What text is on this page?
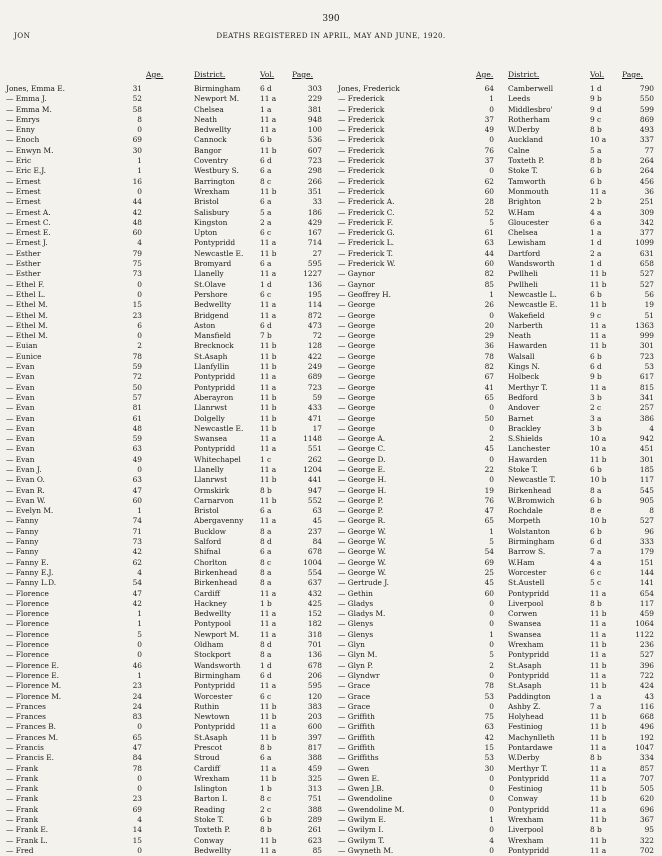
390
JON	DEATHS REGISTERED IN APRIL, MAY AND JUNE, 1920.
Age.	District.	Vol. Page.
Jones, Emma E.	31	Birmingham	6 d	303
— Emma J.	52	Newport M.	11 a	229
— Emma M.	58	Chelsea	1 a	381
— Emrys	8	Neath	11 a	948
— Enny	0	Bedwellty	11 a	100
— Enoch	69	Cannock	6 b	536
— Enwyn M.	30	Bangor	11 b	607
— Eric	1	Coventry	6 d	723
— Eric E.J.	1	Westbury S.	6 a	298
— Ernest	16	Barrington	8 c	266
— Ernest	0	Wrexham	11 b	351
— Ernest	44	Bristol	6 a	33
— Ernest A.	42	Salisbury	5 a	186
— Ernest C.	48	Kingston	2 a	429
— Ernest E.	60	Upton	6 c	167
— Ernest J.	4	Pontypridd	11 a	714
— Esther	79	Newcastle E.	11 b	27
— Esther	75	Bromyard	6 a	595
— Esther	73	Llanelly	11 a	1227
— Ethel F.	0	St.Olave	1 d	136
— Ethel L.	0	Pershore	6 c	195
— Ethel M.	15	Bedwellty	11 a	114
— Ethel M.	23	Bridgend	11 a	872
— Ethel M.	6	Aston	6 d	473
— Ethel M.	0	Mansfield	7 b	72
— Euian	2	Brecknock	11 b	128
— Eunice	78	St.Asaph	11 b	422
— Evan	59	Llanfyllin	11 b	249
— Evan	72	Pontypridd	11 a	689
— Evan	50	Pontypridd	11 a	723
— Evan	57	Aberayron	11 b	59
— Evan	81	Llanrwst	11 b	433
— Evan	61	Dolgelly	11 b	471
— Evan	48	Newcastle E.	11 b	17
— Evan	59	Swansea	11 a	1148
— Evan	63	Pontypridd	11 a	551
— Evan	49	Whitechapel	1 c	262
— Evan J.	0	Llanelly	11 a	1204
— Evan O.	63	Llanrwst	11 b	441
— Evan R.	47	Ormskirk	8 b	947
— Evan W.	60	Carnarvon	11 b	552
— Evelyn M.	1	Bristol	6 a	63
— Fanny	74	Abergavenny	11 a	45
— Fanny	71	Bucklow	8 a	237
— Fanny	73	Salford	8 d	84
— Fanny	42	Shifnal	6 a	678
— Fanny E.	62	Chorlton	8 c	1004
— Fanny E.J.	4	Birkenhead	8 a	554
— Fanny L.D.	54	Birkenhead	8 a	637
— Florence	47	Cardiff	11 a	432
— Florence	42	Hackney	1 b	425
— Florence	1	Bedwellty	11 a	152
— Florence	1	Pontypool	11 a	182
— Florence	5	Newport M.	11 a	318
— Florence	0	Oldham	8 d	701
— Florence	0	Stockport	8 a	136
— Florence E.	46	Wandsworth	1 d	678
— Florence E.	1	Birmingham	6 d	206
— Florence M.	23	Pontypridd	11 a	595
— Florence M.	24	Worcester	6 c	120
— Frances	24	Ruthin	11 b	383
— Frances	83	Newtown	11 b	203
— Frances B.	0	Pontypridd	11 a	600
— Frances M.	65	St.Asaph	11 b	397
— Francis	47	Prescot	8 b	817
— Francis E.	84	Stroud	6 a	388
— Frank	78	Cardiff	11 a	459
— Frank	0	Wrexham	11 b	325
— Frank	0	Islington	1 b	313
— Frank	23	Barton I.	8 c	751
— Frank	69	Reading	2 c	388
— Frank	4	Stoke T.	6 b	289
— Frank E.	14	Toxteth P.	8 b	261
— Frank L.	15	Conway	11 b	623
— Fred	0	Bedwellty	11 a	85
Age. District.	Vol. Page.
Jones, Frederick	64 Camberwell	1 d	790
— Frederick	1 Leeds	9 b	550
— Frederick	0 Middlesbro'	9 d	599
— Frederick	37 Rotherham	9 c	869
— Frederick	49 W.Derby	8 b	493
— Frederick	0 Auckland	10 a	337
— Frederick	76 Calne	5 a	77
— Frederick	37 Toxteth P.	8 b	264
— Frederick	0 Stoke T.	6 b	264
— Frederick	62 Tamworth	6 b	456
— Frederick	60 Monmouth	11 a	36
— Frederick A.	28 Brighton	2 b	251
— Frederick C.	52 W.Ham	4 a	309
— Frederick F.	5 Gloucester	6 a	342
— Frederick G.	61 Chelsea	1 a	377
— Frederick L.	63 Lewisham	1 d	1099
— Frederick T.	44 Dartford	2 a	631
— Frederick W.	60 Wandsworth	1 d	658
— Gaynor	82 Pwllheli	11 b	527
— Gaynor	85 Pwllheli	11 b	527
— Geoffrey H.	1 Newcastle L.	6 b	56
— George	26 Newcastle E.	11 b	19
— George	0 Wakefield	9 c	51
— George	20 Narberth	11 a	1363
— George	29 Neath	11 a	999
— George	36 Hawarden	11 b	301
— George	78 Walsall	6 b	723
— George	82 Kings N.	6 d	53
— George	67 Holbeck	9 b	617
— George	41 Merthyr T.	11 a	815
— George	65 Bedford	3 b	341
— George	0 Andover	2 c	257
— George	50 Barnet	3 a	386
— George	0 Brackley	3 b	4
— George A.	2 S.Shields	10 a	942
— George C.	45 Lanchester	10 a	451
— George D.	0 Hawarden	11 b	301
— George E.	22 Stoke T.	6 b	185
— George H.	0 Newcastle T.	10 b	117
— George H.	19 Birkenhead	8 a	545
— George P.	76 W.Bromwich	6 b	905
— George P.	47 Rochdale	8 e	8
— George R.	65 Morpeth	10 b	527
— George W.	1 Wolstanton	6 b	96
— George W.	5 Birmingham	6 d	333
— George W.	54 Barrow S.	7 a	179
— George W.	69 W.Ham	4 a	151
— George W.	25 Worcester	6 c	144
— Gertrude J.	45 St.Austell	5 c	141
— Gethin	60 Pontypridd	11 a	654
— Gladys	0 Liverpool	8 b	117
— Gladys M.	0 Corwen	11 b	459
— Glenys	0 Swansea	11 a	1064
— Glenys	1 Swansea	11 a	1122
— Glyn	0 Wrexham	11 b	236
— Glyn M.	5 Pontypridd	11 a	527
— Glyn P.	2 St.Asaph	11 b	396
— Glyndwr	0 Pontypridd	11 a	722
— Grace	78 St.Asaph	11 b	424
— Grace	53 Paddington	1 a	43
— Grace	0 Ashby Z.	7 a	116
— Griffith	75 Holyhead	11 b	668
— Griffith	63 Festiniog	11 b	496
— Griffith	42 Machynlleth	11 b	192
— Griffith	15 Pontardawe	11 a	1047
— Griffiths	53 W.Derby	8 b	334
— Gwen	30 Merthyr T.	11 a	857
— Gwen E.	0 Pontypridd	11 a	707
— Gwen J.B.	0 Festiniog	11 b	505
— Gwendoline	0 Conway	11 b	620
— Gwendoline M.	0 Pontypridd	11 a	696
— Gwilym E.	1 Wrexham	11 b	367
— Gwilym I.	0 Liverpool	8 b	95
— Gwilym T.	4 Wrexham	11 b	322
— Gwyneth M.	0 Pontypridd	11 a	702
